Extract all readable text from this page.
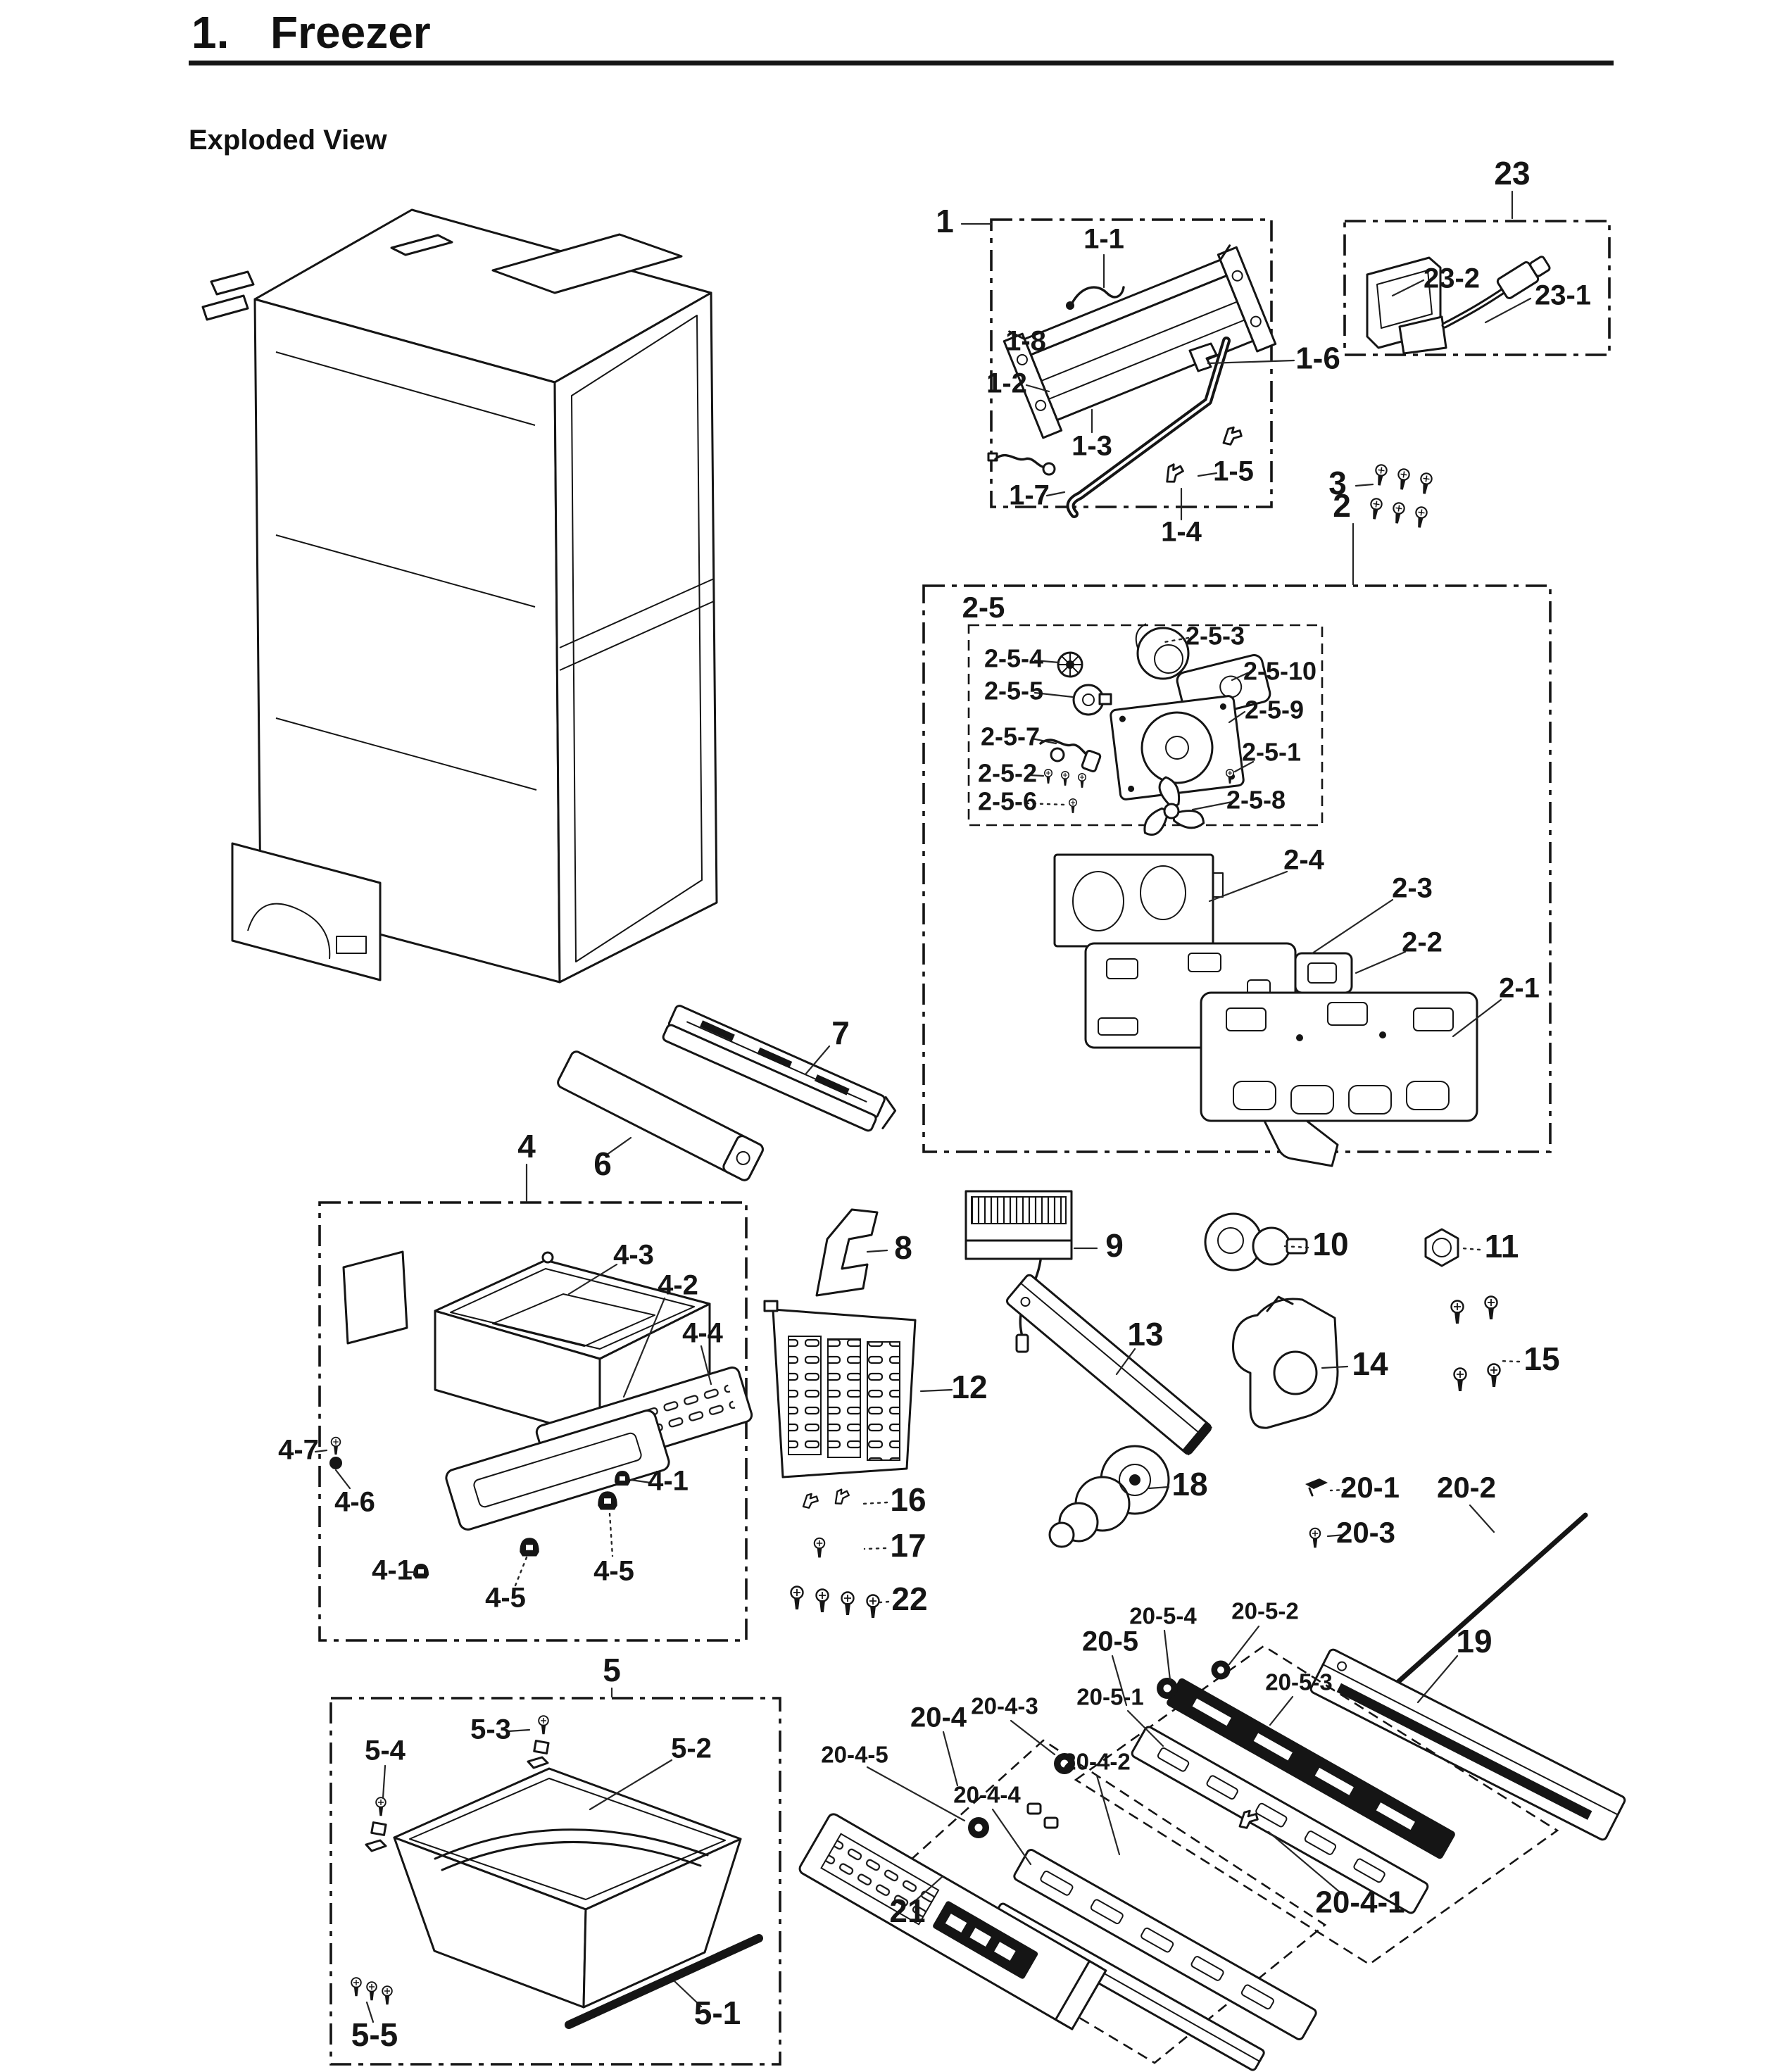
1. Freezer
Exploded View
1	1-1
23
23-2
23-1
1-8
1-6
1-2
1-3
1-5
1-7	3
1-4
2
2-5
2-5-3
2-5-4	2-5-10
2-5-5
2-5-9
2-5-7
2-5-1
2-5-2
2-5-6	2-5-8
2-4
2-3
2-2
2-1
7
4 6
8	9	10	11
4-3
4-2
4-4	13
14	15
12
4-7
4-1
4-6	16	18	20-1 20-2
17	20-3
4-1	4-5
4-5	22	20-5-4 20-5-2
20-5	19
5	20-5-3
20-5-1
20-4-3
20-4
5-3
5-4	5-2	20-4-5	20-4-2
20-4-4
21	20-4-1
5-5
5-1
